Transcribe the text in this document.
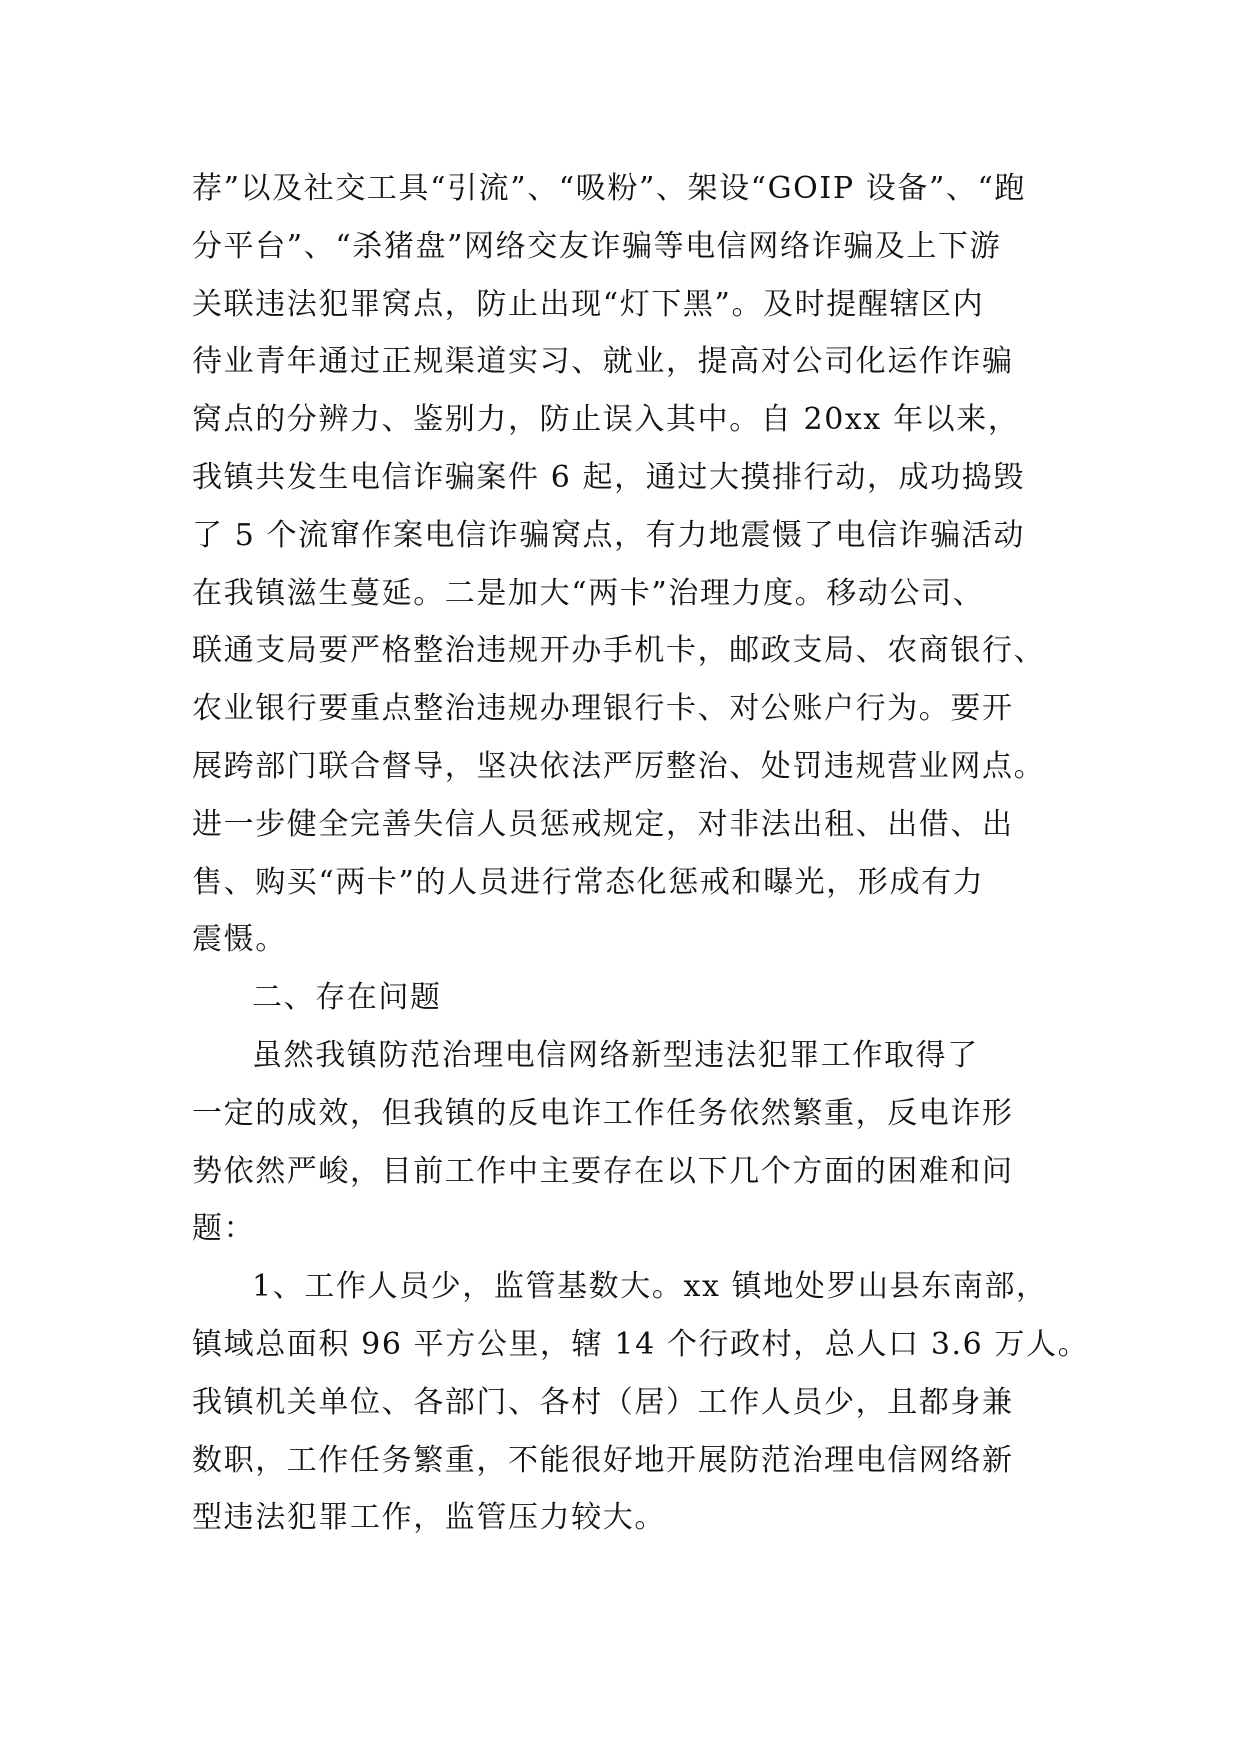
荐”以及社交工具“引流”、“吸粉”、架设“GOIP 设备”、“跑
分平台”、“杀猪盘”网络交友诈骗等电信网络诈骗及上下游
关联违法犯罪窝点，防止出现“灯下黑”。及时提醒辖区内
待业青年通过正规渠道实习、就业，提高对公司化运作诈骗
窝点的分辨力、鉴别力，防止误入其中。自 20xx 年以来，
我镇共发生电信诈骗案件 6 起，通过大摸排行动，成功捣毁
了 5 个流窜作案电信诈骗窝点，有力地震慑了电信诈骗活动
在我镇滋生蔓延。二是加大“两卡”治理力度。移动公司、
联通支局要严格整治违规开办手机卡，邮政支局、农商银行、
农业银行要重点整治违规办理银行卡、对公账户行为。要开
展跨部门联合督导，坚决依法严厉整治、处罚违规营业网点。
进一步健全完善失信人员惩戒规定，对非法出租、出借、出
售、购买“两卡”的人员进行常态化惩戒和曝光，形成有力
震慑。
二、存在问题
虽然我镇防范治理电信网络新型违法犯罪工作取得了
一定的成效，但我镇的反电诈工作任务依然繁重，反电诈形
势依然严峻，目前工作中主要存在以下几个方面的困难和问
题：
1、工作人员少，监管基数大。xx 镇地处罗山县东南部，
镇域总面积 96 平方公里，辖 14 个行政村，总人口 3.6 万人。
我镇机关单位、各部门、各村（居）工作人员少，且都身兼
数职，工作任务繁重，不能很好地开展防范治理电信网络新
型违法犯罪工作，监管压力较大。
